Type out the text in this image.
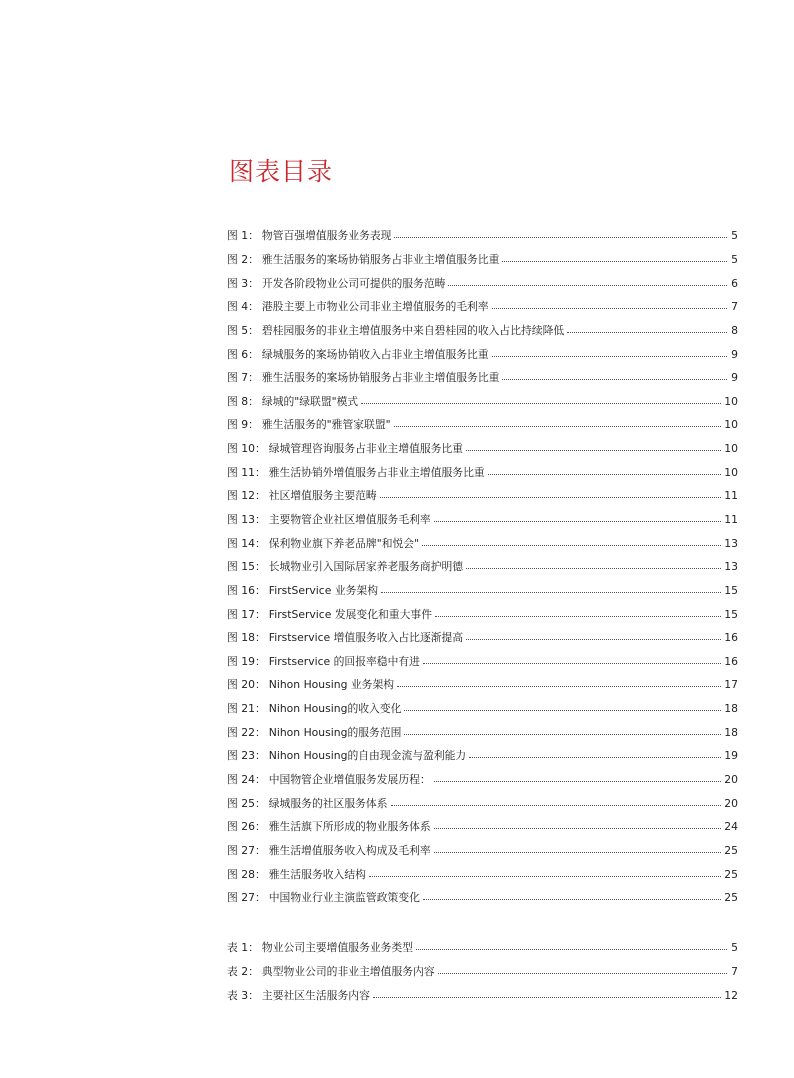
图表目录
图 1： 物管百强增值服务业务表现	5
图 2： 雅生活服务的案场协销服务占非业主增值服务比重	5
图 3： 开发各阶段物业公司可提供的服务范畴	6
图 4： 港股主要上市物业公司非业主增值服务的毛利率	7
图 5： 碧桂园服务的非业主增值服务中来自碧桂园的收入占比持续降低	8
图 6： 绿城服务的案场协销收入占非业主增值服务比重	9
图 7： 雅生活服务的案场协销服务占非业主增值服务比重	9
图 8： 绿城的"绿联盟"模式	10
图 9： 雅生活服务的"雅管家联盟"	10
图 10： 绿城管理咨询服务占非业主增值服务比重	10
图 11： 雅生活协销外增值服务占非业主增值服务比重	10
图 12： 社区增值服务主要范畴	11
图 13： 主要物管企业社区增值服务毛利率	11
图 14： 保利物业旗下养老品牌"和悦会"	13
图 15： 长城物业引入国际居家养老服务商护明德	13
图 16： FirstService 业务架构	15
图 17： FirstService 发展变化和重大事件	15
图 18： Firstservice 增值服务收入占比逐渐提高	16
图 19： Firstservice 的回报率稳中有进	16
图 20： Nihon Housing 业务架构	17
图 21： Nihon Housing的收入变化	18
图 22： Nihon Housing的服务范围	18
图 23： Nihon Housing的自由现金流与盈利能力	19
图 24： 中国物管企业增值服务发展历程：	20
图 25： 绿城服务的社区服务体系	20
图 26： 雅生活旗下所形成的物业服务体系	24
图 27： 雅生活增值服务收入构成及毛利率	25
图 28： 雅生活服务收入结构	25
图 27： 中国物业行业主演监管政策变化	25
表 1： 物业公司主要增值服务业务类型	5
表 2： 典型物业公司的非业主增值服务内容	7
表 3： 主要社区生活服务内容	12
